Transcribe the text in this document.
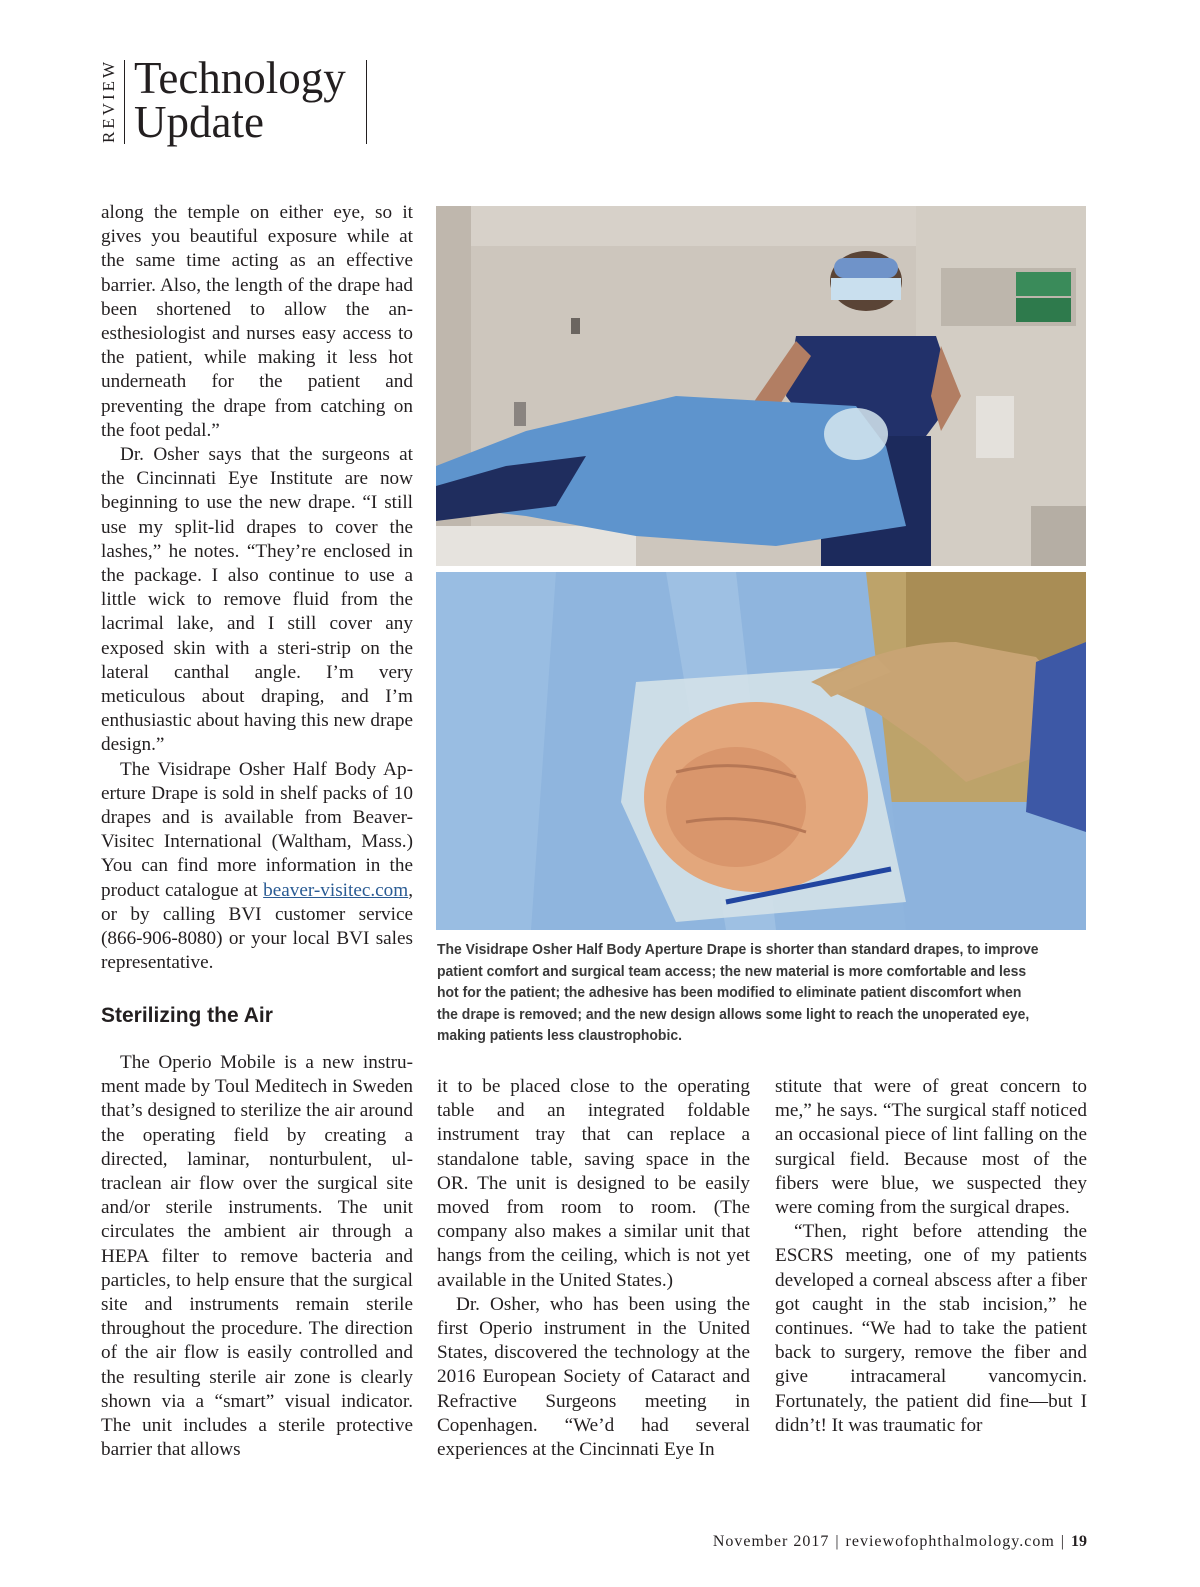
REVIEW Technology
Update

along the temple on either eye, so it gives you beautiful exposure while at the same time acting as an effective barrier. Also, the length of the drape had been shortened to allow the anesthesiologist and nurses easy access to the patient, while making it less hot underneath for the patient and preventing the drape from catching on the foot pedal.”

Dr. Osher says that the surgeons at the Cincinnati Eye Institute are now beginning to use the new drape. “I still use my split-lid drapes to cover the lashes,” he notes. “They’re enclosed in the package. I also continue to use a little wick to remove fluid from the lacrimal lake, and I still cover any exposed skin with a steri-strip on the lateral canthal angle. I’m very meticulous about draping, and I’m enthusiastic about having this new drape design.”

The Visidrape Osher Half Body Aperture Drape is sold in shelf packs of 10 drapes and is available from Beaver-Visitec International (Waltham, Mass.) You can find more information in the product catalogue at beaver-visitec.com, or by calling BVI customer service (866-906-8080) or your local BVI sales representative.

Sterilizing the Air

The Operio Mobile is a new instrument made by Toul Meditech in Sweden that’s designed to sterilize the air around the operating field by creating a directed, laminar, nonturbulent, ultraclean air flow over the surgical site and/or sterile instruments. The unit circulates the ambient air through a HEPA filter to remove bacteria and particles, to help ensure that the surgical site and instruments remain sterile throughout the procedure. The direction of the air flow is easily controlled and the resulting sterile air zone is clearly shown via a “smart” visual indicator. The unit includes a sterile protective barrier that allows

The Visidrape Osher Half Body Aperture Drape is shorter than standard drapes, to improve
patient comfort and surgical team access; the new material is more comfortable and less
hot for the patient; the adhesive has been modified to eliminate patient discomfort when
the drape is removed; and the new design allows some light to reach the unoperated eye,
making patients less claustrophobic.

it to be placed close to the operating table and an integrated foldable instrument tray that can replace a standalone table, saving space in the OR. The unit is designed to be easily moved from room to room. (The company also makes a similar unit that hangs from the ceiling, which is not yet available in the United States.)

Dr. Osher, who has been using the first Operio instrument in the United States, discovered the technology at the 2016 European Society of Cataract and Refractive Surgeons meeting in Copenhagen. “We’d had several experiences at the Cincinnati Eye In

stitute that were of great concern to me,” he says. “The surgical staff noticed an occasional piece of lint falling on the surgical field. Because most of the fibers were blue, we suspected they were coming from the surgical drapes.

“Then, right before attending the ESCRS meeting, one of my patients developed a corneal abscess after a fiber got caught in the stab incision,” he continues. “We had to take the patient back to surgery, remove the fiber and give intracameral vancomycin. Fortunately, the patient did fine—but I didn’t! It was traumatic for

November 2017 | reviewofophthalmology.com | 19
